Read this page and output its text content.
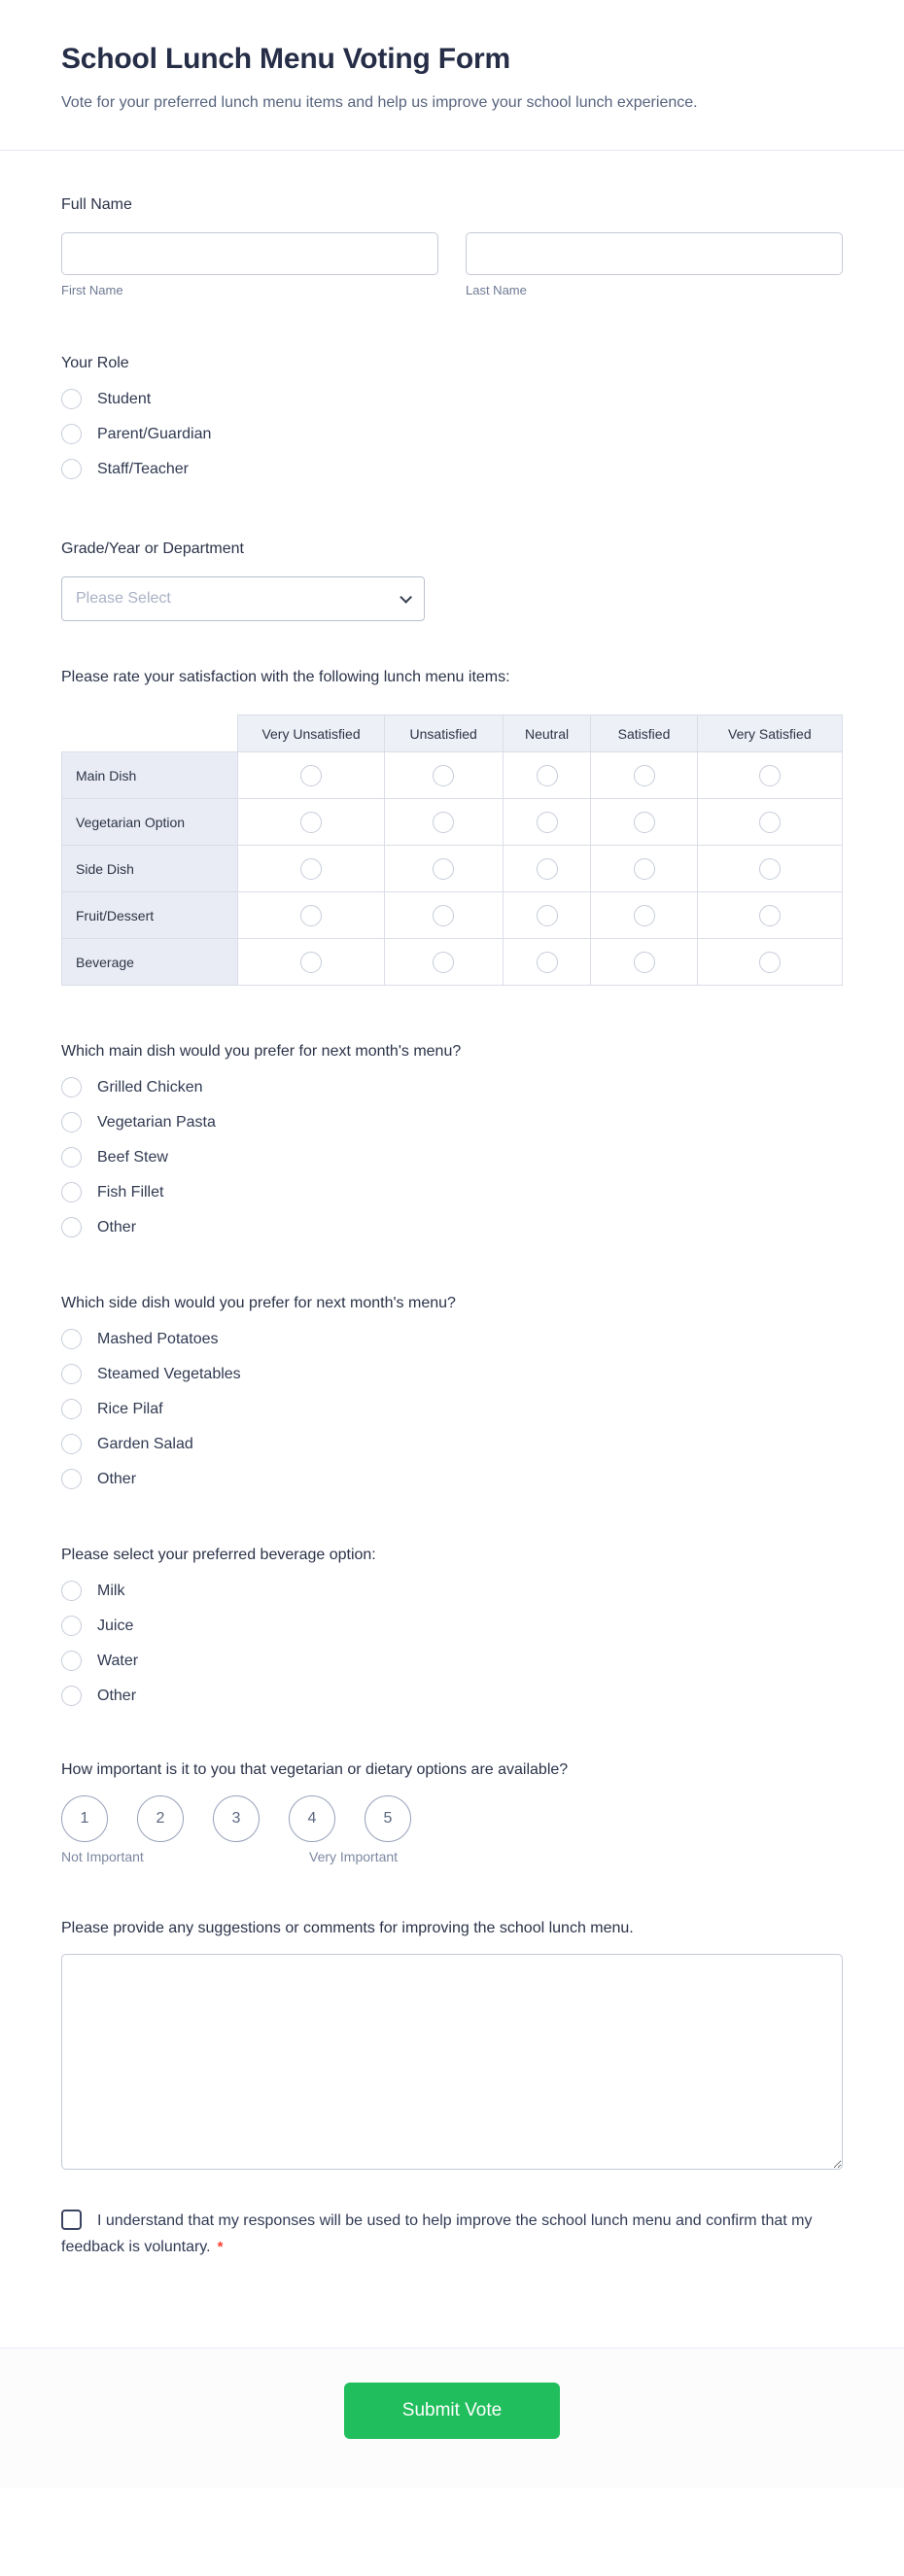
School Lunch Menu Voting Form

Vote for your preferred lunch menu items and help us improve your school lunch experience.

Full Name
First Name	Last Name
Your Role
Student
Parent/Guardian
Staff/Teacher
Grade/Year or Department
Please Select
Please rate your satisfaction with the following lunch menu items:
	Very Unsatisfied	Unsatisfied	Neutral	Satisfied	Very Satisfied
Main Dish					
Vegetarian Option					
Side Dish					
Fruit/Dessert					
Beverage					
Which main dish would you prefer for next month's menu?
Grilled Chicken
Vegetarian Pasta
Beef Stew
Fish Fillet
Other
Which side dish would you prefer for next month's menu?
Mashed Potatoes
Steamed Vegetables
Rice Pilaf
Garden Salad
Other
Please select your preferred beverage option:
Milk
Juice
Water
Other
How important is it to you that vegetarian or dietary options are available?
1	2	3	4	5
Not Important	Very Important
Please provide any suggestions or comments for improving the school lunch menu.
I understand that my responses will be used to help improve the school lunch menu and confirm that my feedback is voluntary. *
Submit Vote
